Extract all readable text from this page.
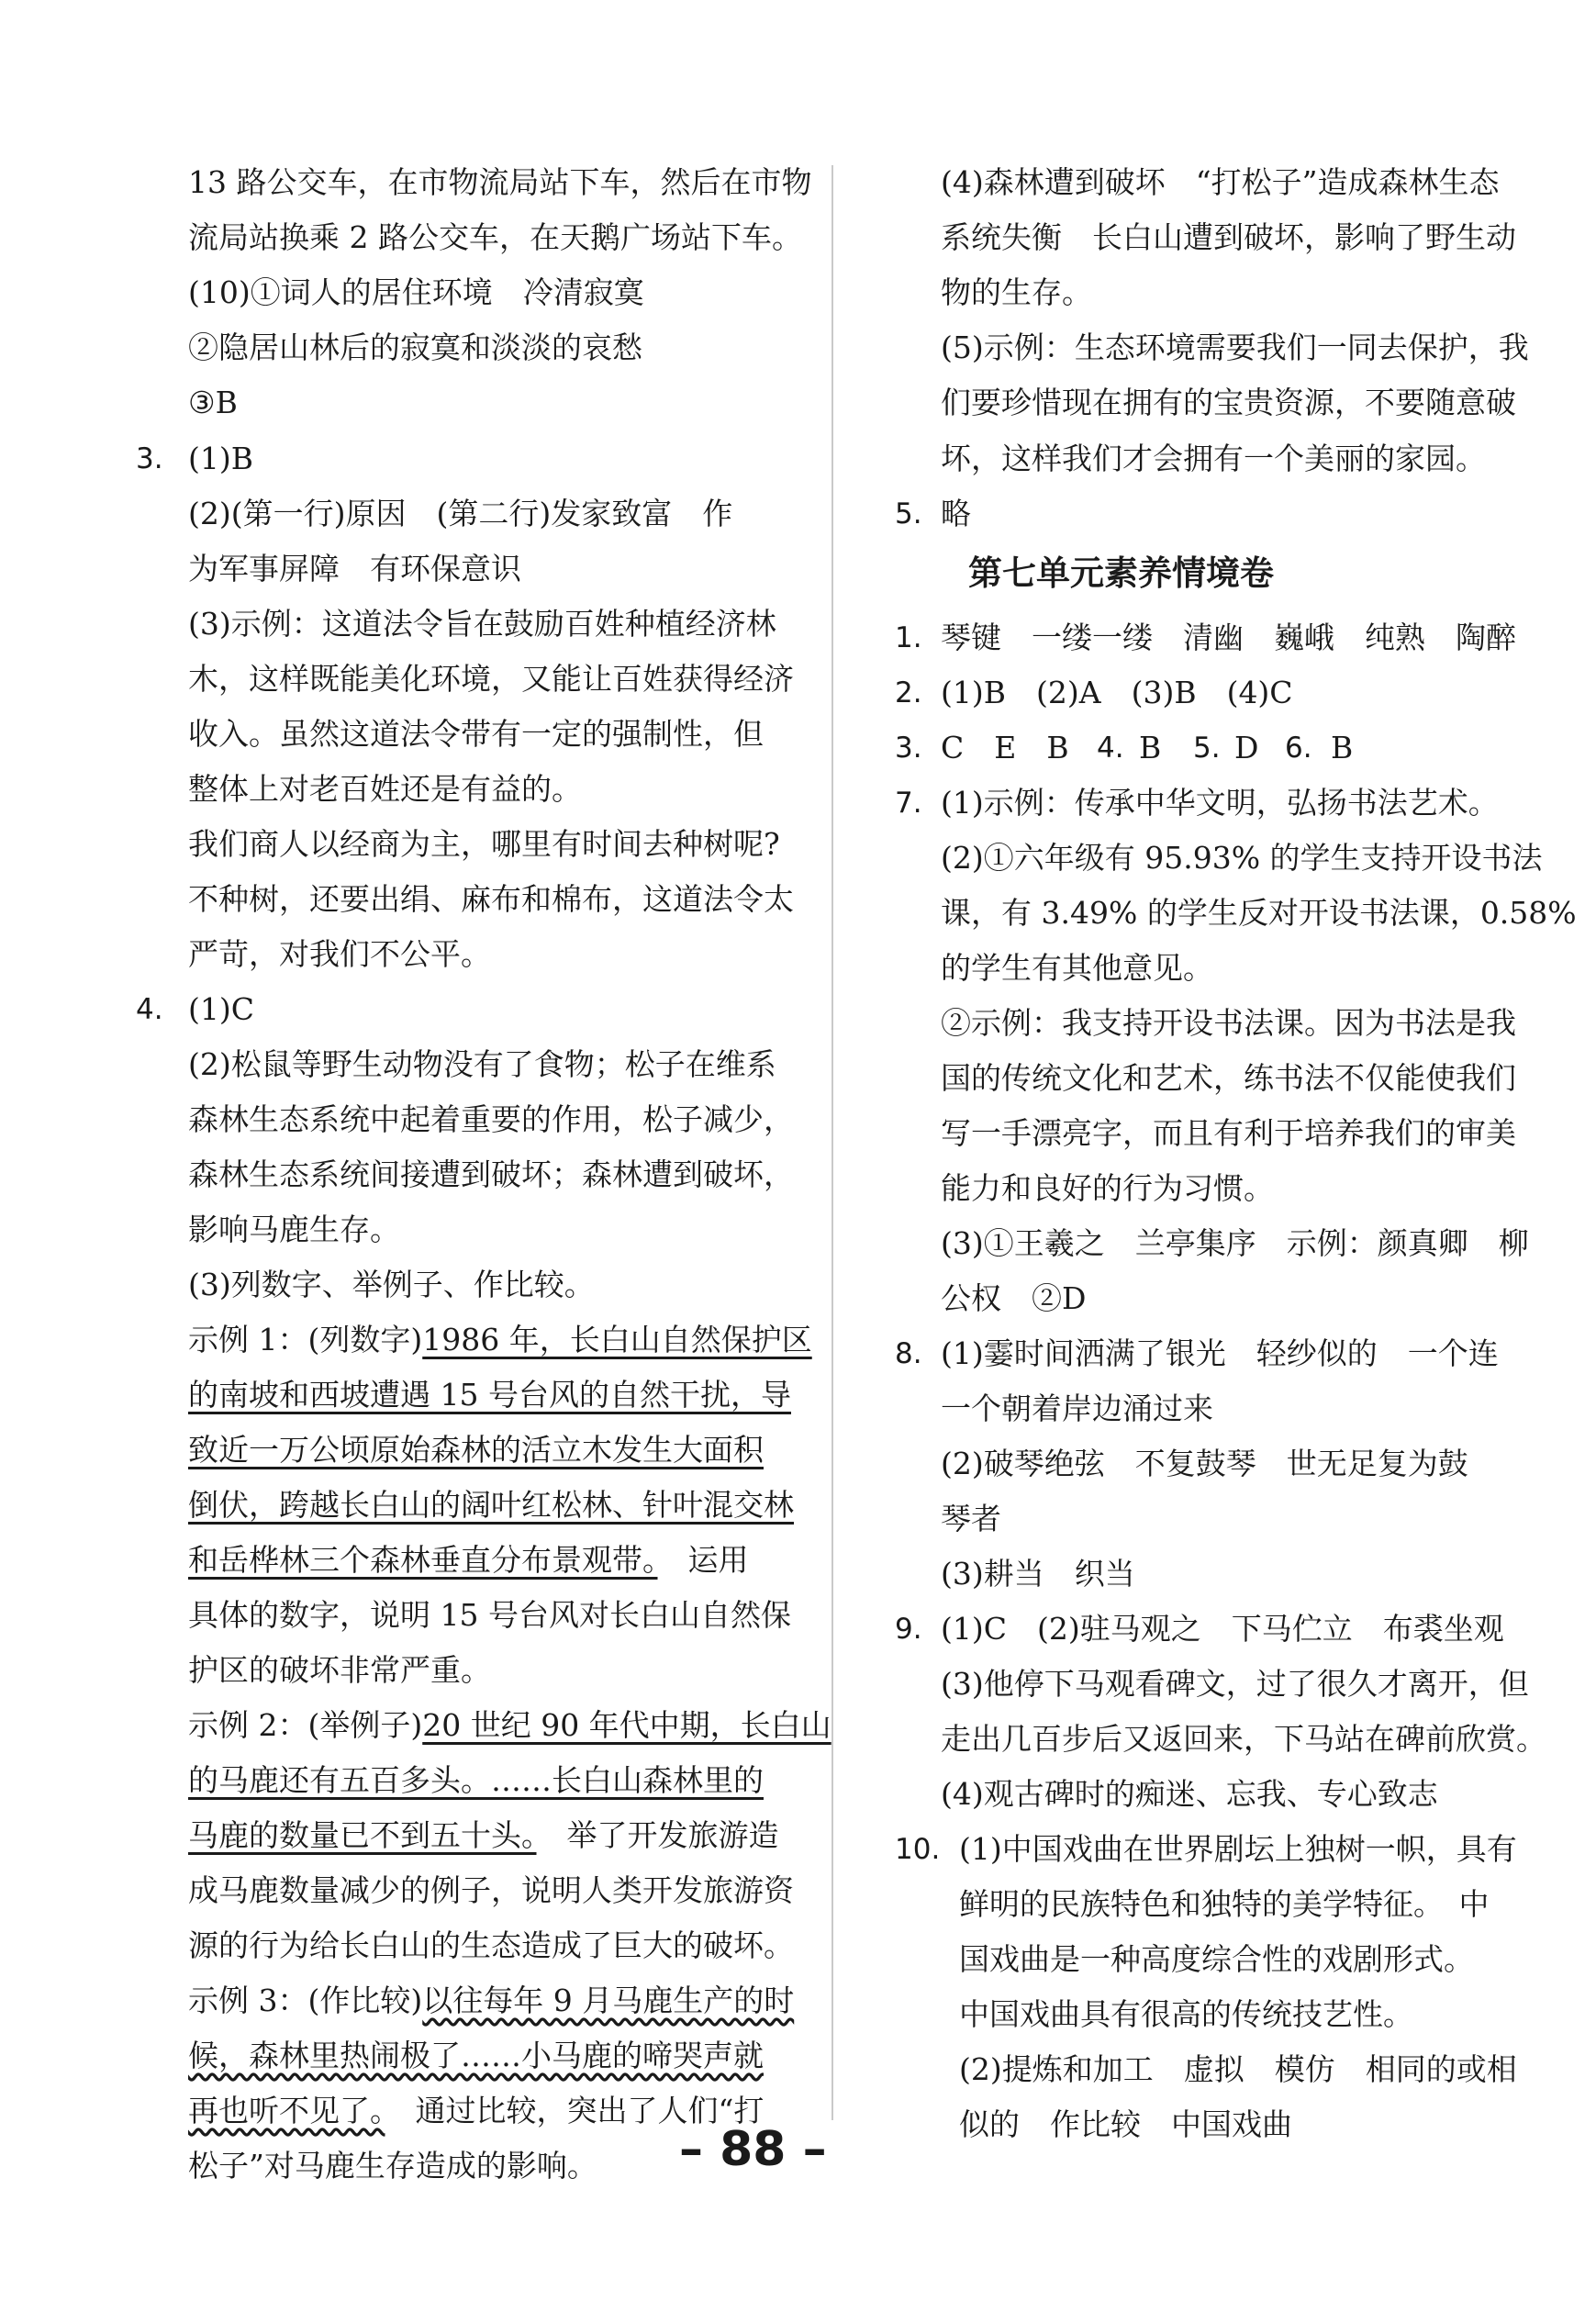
13 路公交车，在市物流局站下车，然后在市物
流局站换乘 2 路公交车，在天鹅广场站下车。
(10)①词人的居住环境　冷清寂寞
②隐居山林后的寂寞和淡淡的哀愁
③B
3. (1)B
(2)(第一行)原因　(第二行)发家致富　作
为军事屏障　有环保意识
(3)示例：这道法令旨在鼓励百姓种植经济林
木，这样既能美化环境，又能让百姓获得经济
收入。虽然这道法令带有一定的强制性，但
整体上对老百姓还是有益的。
我们商人以经商为主，哪里有时间去种树呢?
不种树，还要出绢、麻布和棉布，这道法令太
严苛，对我们不公平。
4. (1)C
(2)松鼠等野生动物没有了食物；松子在维系
森林生态系统中起着重要的作用，松子减少，
森林生态系统间接遭到破坏；森林遭到破坏，
影响马鹿生存。
(3)列数字、举例子、作比较。
示例 1：(列数字)1986 年，长白山自然保护区
的南坡和西坡遭遇 15 号台风的自然干扰，导
致近一万公顷原始森林的活立木发生大面积
倒伏，跨越长白山的阔叶红松林、针叶混交林
和岳桦林三个森林垂直分布景观带。　运用
具体的数字，说明 15 号台风对长白山自然保
护区的破坏非常严重。
示例 2：(举例子)20 世纪 90 年代中期，长白山
的马鹿还有五百多头。……长白山森林里的
马鹿的数量已不到五十头。　举了开发旅游造
成马鹿数量减少的例子，说明人类开发旅游资
源的行为给长白山的生态造成了巨大的破坏。
示例 3：(作比较)以往每年 9 月马鹿生产的时
候，森林里热闹极了……小马鹿的啼哭声就
再也听不见了。　通过比较，突出了人们“打
松子”对马鹿生存造成的影响。
(4)森林遭到破坏　“打松子”造成森林生态
系统失衡　长白山遭到破坏，影响了野生动
物的生存。
(5)示例：生态环境需要我们一同去保护，我
们要珍惜现在拥有的宝贵资源，不要随意破
坏，这样我们才会拥有一个美丽的家园。
5. 略
第七单元素养情境卷
1. 琴键　一缕一缕　清幽　巍峨　纯熟　陶醉
2. (1)B　(2)A　(3)B　(4)C
3. C　E　B 4. B 5. D 6. B
7. (1)示例：传承中华文明，弘扬书法艺术。
(2)①六年级有 95.93% 的学生支持开设书法
课，有 3.49% 的学生反对开设书法课，0.58%
的学生有其他意见。
②示例：我支持开设书法课。因为书法是我
国的传统文化和艺术，练书法不仅能使我们
写一手漂亮字，而且有利于培养我们的审美
能力和良好的行为习惯。
(3)①王羲之　兰亭集序　示例：颜真卿　柳
公权　②D
8. (1)霎时间洒满了银光　轻纱似的　一个连
一个朝着岸边涌过来
(2)破琴绝弦　不复鼓琴　世无足复为鼓
琴者
(3)耕当　织当
9. (1)C　(2)驻马观之　下马伫立　布裘坐观
(3)他停下马观看碑文，过了很久才离开，但
走出几百步后又返回来，下马站在碑前欣赏。
(4)观古碑时的痴迷、忘我、专心致志
10. (1)中国戏曲在世界剧坛上独树一帜，具有
鲜明的民族特色和独特的美学特征。　中
国戏曲是一种高度综合性的戏剧形式。
中国戏曲具有很高的传统技艺性。
(2)提炼和加工　虚拟　模仿　相同的或相
似的　作比较　中国戏曲
– 88 –
